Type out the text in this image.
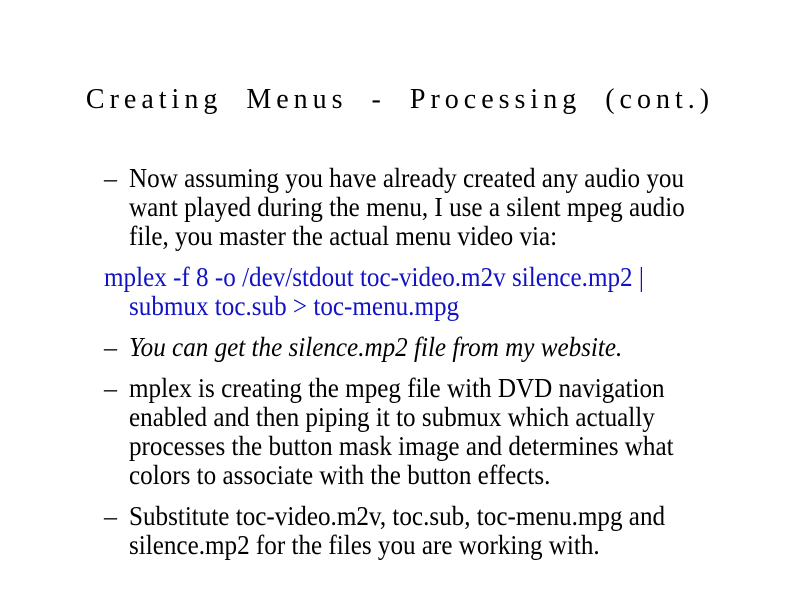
Creating Menus - Processing (cont.)
– Now assuming you have already created any audio you
want played during the menu, I use a silent mpeg audio
file, you master the actual menu video via:
mplex -f 8 -o /dev/stdout toc-video.m2v silence.mp2 |
submux toc.sub > toc-menu.mpg
– You can get the silence.mp2 file from my website.
– mplex is creating the mpeg file with DVD navigation
enabled and then piping it to submux which actually
processes the button mask image and determines what
colors to associate with the button effects.
– Substitute toc-video.m2v, toc.sub, toc-menu.mpg and
silence.mp2 for the files you are working with.
